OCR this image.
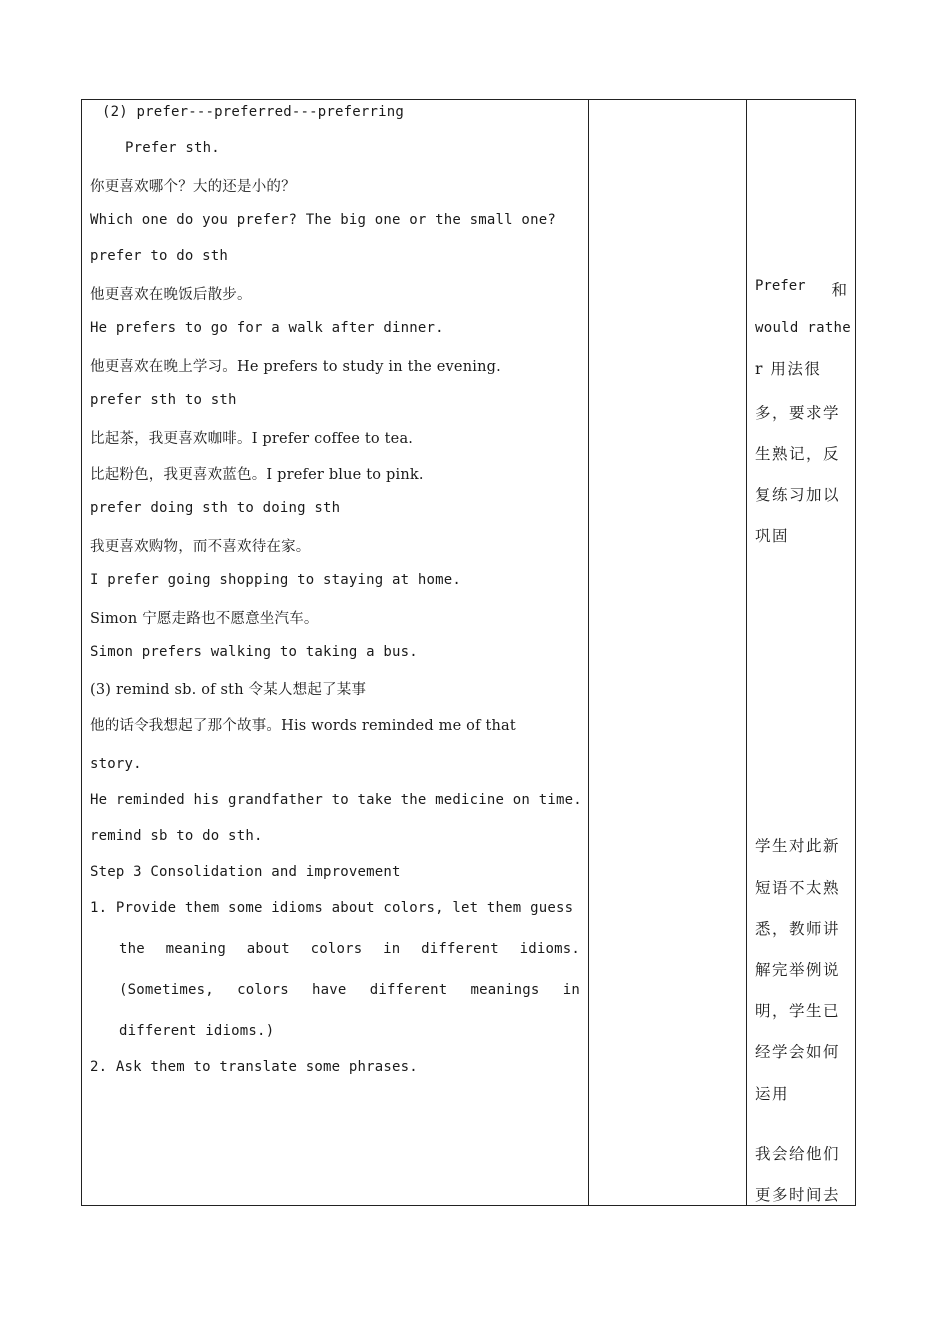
(2) prefer---preferred---preferring
Prefer sth.
你更喜欢哪个？大的还是小的？
Which one do you prefer? The big one or the small one?
prefer to do sth
他更喜欢在晚饭后散步。
He prefers to go for a walk after dinner.
他更喜欢在晚上学习。He prefers to study in the evening.
prefer sth to sth
比起茶，我更喜欢咖啡。I prefer coffee to tea.
比起粉色，我更喜欢蓝色。I prefer blue to pink.
prefer doing sth to doing sth
我更喜欢购物，而不喜欢待在家。
I prefer going shopping to staying at home.
Simon 宁愿走路也不愿意坐汽车。
Simon prefers walking to taking a bus.
(3) remind sb. of sth 令某人想起了某事
他的话令我想起了那个故事。His words reminded me of that
story.
He reminded his grandfather to take the medicine on time.
remind sb to do sth.
Step 3 Consolidation and improvement
1. Provide them some idioms about colors, let them guess
the meaning about colors in different idioms.
(Sometimes, colors have different meanings in
different idioms.)
2. Ask them to translate some phrases.
Prefer 和
would rathe
r 用法很
多，要求学
生熟记，反
复练习加以
巩固
学生对此新
短语不太熟
悉，教师讲
解完举例说
明，学生已
经学会如何
运用
我会给他们
更多时间去
